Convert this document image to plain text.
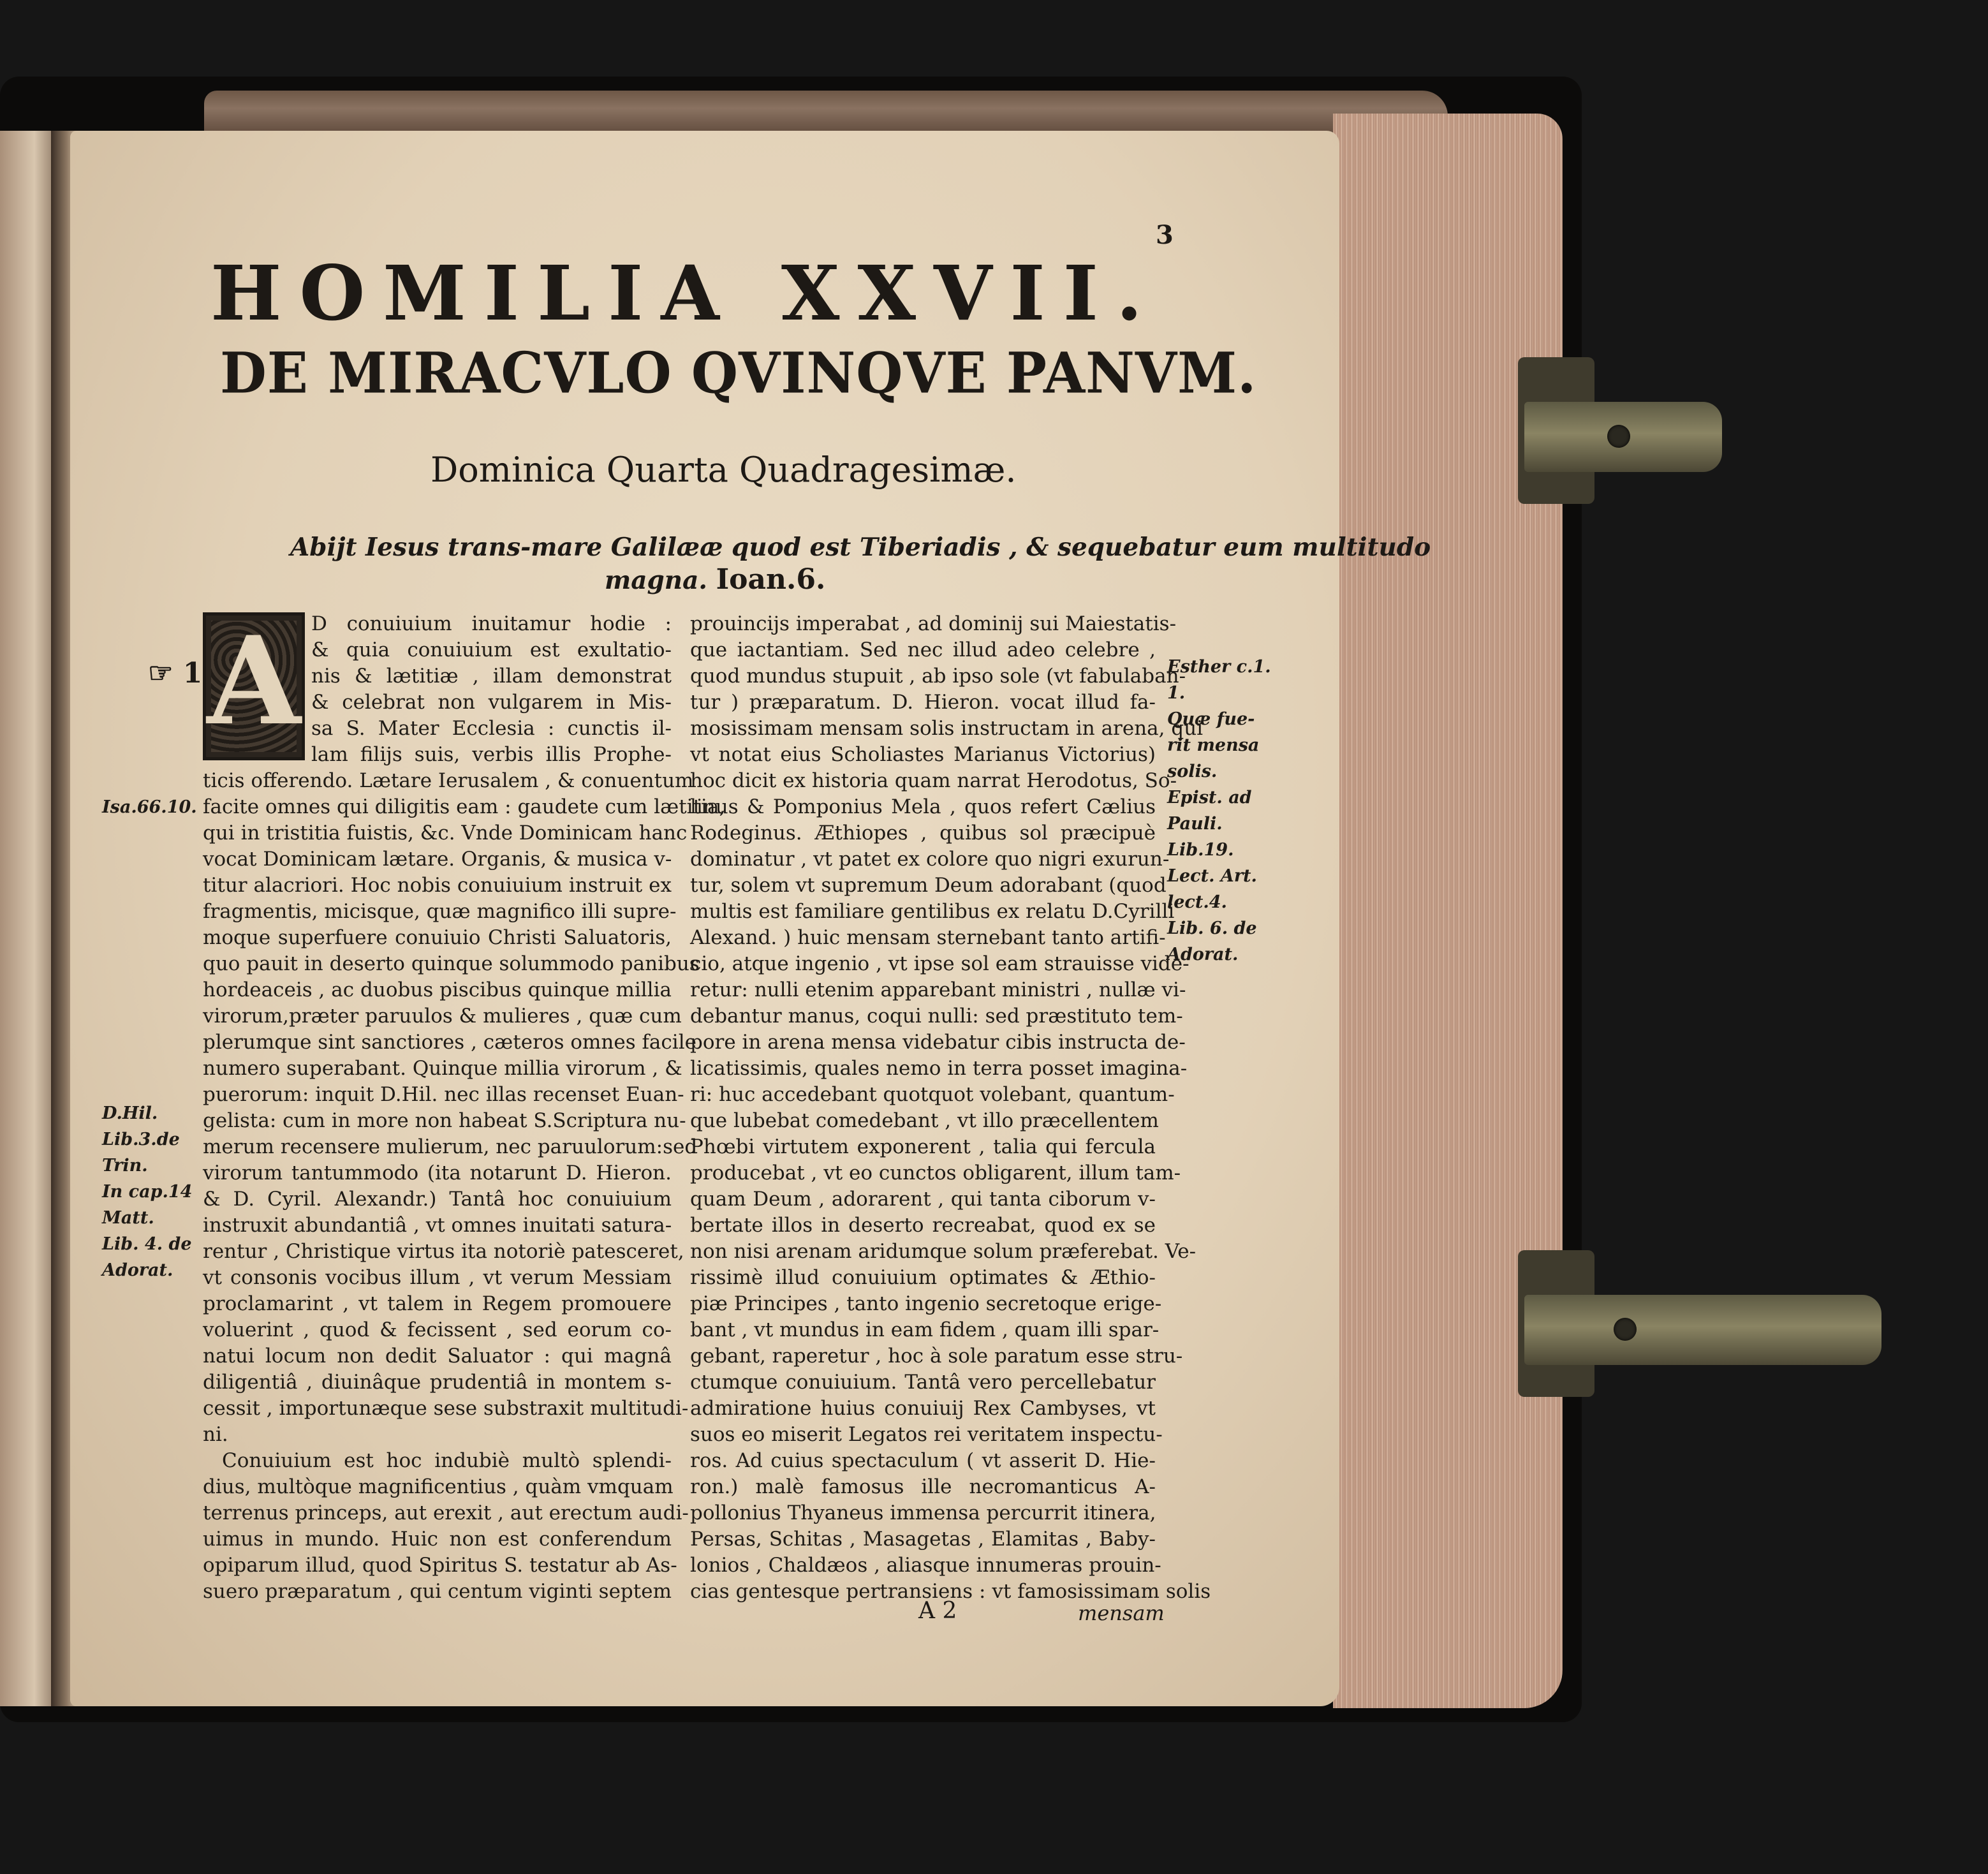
3
HOMILIA XXVII.
DE MIRACVLO QVINQVE PANVM.
Dominica Quarta Quadragesimæ.
Abijt Iesus trans-mare Galilææ quod est Tiberiadis , & sequebatur eum multitudo
magna. Ioan.6.
☞ 1
D conuiuium inuitamur hodie :
& quia conuiuium est exultatio-
nis & lætitiæ , illam demonstrat
& celebrat non vulgarem in Mis-
sa S. Mater Ecclesia : cunctis il-
lam filijs suis, verbis illis Prophe-
ticis offerendo. Lætare Ierusalem , & conuentum
facite omnes qui diligitis eam : gaudete cum lætitia,
qui in tristitia fuistis, &c. Vnde Dominicam hanc
vocat Dominicam lætare. Organis, & musica v-
titur alacriori. Hoc nobis conuiuium instruit ex
fragmentis, micisque, quæ magnifico illi supre-
moque superfuere conuiuio Christi Saluatoris,
quo pauit in deserto quinque solummodo panibus
hordeaceis , ac duobus piscibus quinque millia
virorum,præter paruulos & mulieres , quæ cum
plerumque sint sanctiores , cæteros omnes facile
numero superabant. Quinque millia virorum , &
puerorum: inquit D.Hil. nec illas recenset Euan-
gelista: cum in more non habeat S.Scriptura nu-
merum recensere mulierum, nec paruulorum:sed
virorum tantummodo (ita notarunt D. Hieron.
& D. Cyril. Alexandr.) Tantâ hoc conuiuium
instruxit abundantiâ , vt omnes inuitati satura-
rentur , Christique virtus ita notoriè patesceret,
vt consonis vocibus illum , vt verum Messiam
proclamarint , vt talem in Regem promouere
voluerint , quod & fecissent , sed eorum co-
natui locum non dedit Saluator : qui magnâ
diligentiâ , diuinâque prudentiâ in montem s-
cessit , importunæque sese substraxit multitudi-
ni.
Conuiuium est hoc indubiè multò splendi-
dius, multòque magnificentius , quàm vmquam
terrenus princeps, aut erexit , aut erectum audi-
uimus in mundo. Huic non est conferendum
opiparum illud, quod Spiritus S. testatur ab As-
suero præparatum , qui centum viginti septem
prouincijs imperabat , ad dominij sui Maiestatis-
que iactantiam. Sed nec illud adeo celebre ,
quod mundus stupuit , ab ipso sole (vt fabulaban-
tur ) præparatum. D. Hieron. vocat illud fa-
mosissimam mensam solis instructam in arena, qui
vt notat eius Scholiastes Marianus Victorius)
hoc dicit ex historia quam narrat Herodotus, So-
linus & Pomponius Mela , quos refert Cælius
Rodeginus. Æthiopes , quibus sol præcipuè
dominatur , vt patet ex colore quo nigri exurun-
tur, solem vt supremum Deum adorabant (quod
multis est familiare gentilibus ex relatu D.Cyrilli
Alexand. ) huic mensam sternebant tanto artifi-
cio, atque ingenio , vt ipse sol eam strauisse vide-
retur: nulli etenim apparebant ministri , nullæ vi-
debantur manus, coqui nulli: sed præstituto tem-
pore in arena mensa videbatur cibis instructa de-
licatissimis, quales nemo in terra posset imagina-
ri: huc accedebant quotquot volebant, quantum-
que lubebat comedebant , vt illo præcellentem
Phœbi virtutem exponerent , talia qui fercula
producebat , vt eo cunctos obligarent, illum tam-
quam Deum , adorarent , qui tanta ciborum v-
bertate illos in deserto recreabat, quod ex se
non nisi arenam aridumque solum præferebat. Ve-
rissimè illud conuiuium optimates & Æthio-
piæ Principes , tanto ingenio secretoque erige-
bant , vt mundus in eam fidem , quam illi spar-
gebant, raperetur , hoc à sole paratum esse stru-
ctumque conuiuium. Tantâ vero percellebatur
admiratione huius conuiuij Rex Cambyses, vt
suos eo miserit Legatos rei veritatem inspectu-
ros. Ad cuius spectaculum ( vt asserit D. Hie-
ron.) malè famosus ille necromanticus A-
pollonius Thyaneus immensa percurrit itinera,
Persas, Schitas , Masagetas , Elamitas , Baby-
lonios , Chaldæos , aliasque innumeras prouin-
cias gentesque pertransiens : vt famosissimam solis
A
Isa.66.10.
D.Hil.
Lib.3.de
Trin.
In cap.14
Matt.
Lib. 4. de
Adorat.
Esther c.1.
1.
Quæ fue-
rit mensa
solis.
Epist. ad
Pauli.
Lib.19.
Lect. Art.
lect.4.
Lib. 6. de
Adorat.
A 2	mensam
